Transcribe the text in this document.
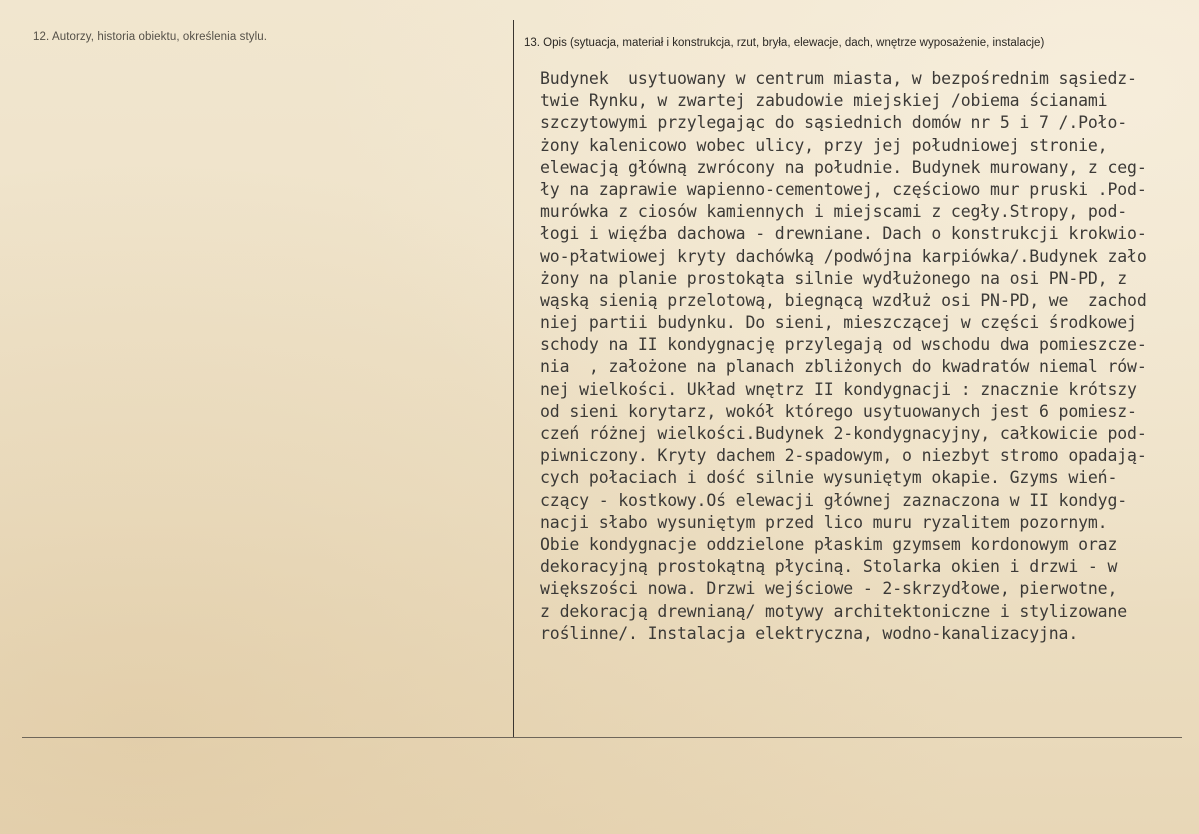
12. Autorzy, historia obiektu, określenia stylu.	13. Opis (sytuacja, materiał i konstrukcja, rzut, bryła, elewacje, dach, wnętrze wyposażenie, instalacje)
Budynek  usytuowany w centrum miasta, w bezpośrednim sąsiedz-
twie Rynku, w zwartej zabudowie miejskiej /obiema ścianami
szczytowymi przylegając do sąsiednich domów nr 5 i 7 /.Poło-
żony kalenicowo wobec ulicy, przy jej południowej stronie,
elewacją główną zwrócony na południe. Budynek murowany, z ceg-
ły na zaprawie wapienno-cementowej, częściowo mur pruski .Pod-
murówka z ciosów kamiennych i miejscami z cegły.Stropy, pod-
łogi i więźba dachowa - drewniane. Dach o konstrukcji krokwio-
wo-płatwiowej kryty dachówką /podwójna karpiówka/.Budynek zało
żony na planie prostokąta silnie wydłużonego na osi PN-PD, z
wąską sienią przelotową, biegnącą wzdłuż osi PN-PD, we  zachod
niej partii budynku. Do sieni, mieszczącej w części środkowej
schody na II kondygnację przylegają od wschodu dwa pomieszcze-
nia  , założone na planach zbliżonych do kwadratów niemal rów-
nej wielkości. Układ wnętrz II kondygnacji : znacznie krótszy
od sieni korytarz, wokół którego usytuowanych jest 6 pomiesz-
czeń różnej wielkości.Budynek 2-kondygnacyjny, całkowicie pod-
piwniczony. Kryty dachem 2-spadowym, o niezbyt stromo opadają-
cych połaciach i dość silnie wysuniętym okapie. Gzyms wień-
czący - kostkowy.Oś elewacji głównej zaznaczona w II kondyg-
nacji słabo wysuniętym przed lico muru ryzalitem pozornym.
Obie kondygnacje oddzielone płaskim gzymsem kordonowym oraz
dekoracyjną prostokątną płyciną. Stolarka okien i drzwi - w
większości nowa. Drzwi wejściowe - 2-skrzydłowe, pierwotne,
z dekoracją drewnianą/ motywy architektoniczne i stylizowane
roślinne/. Instalacja elektryczna, wodno-kanalizacyjna.
